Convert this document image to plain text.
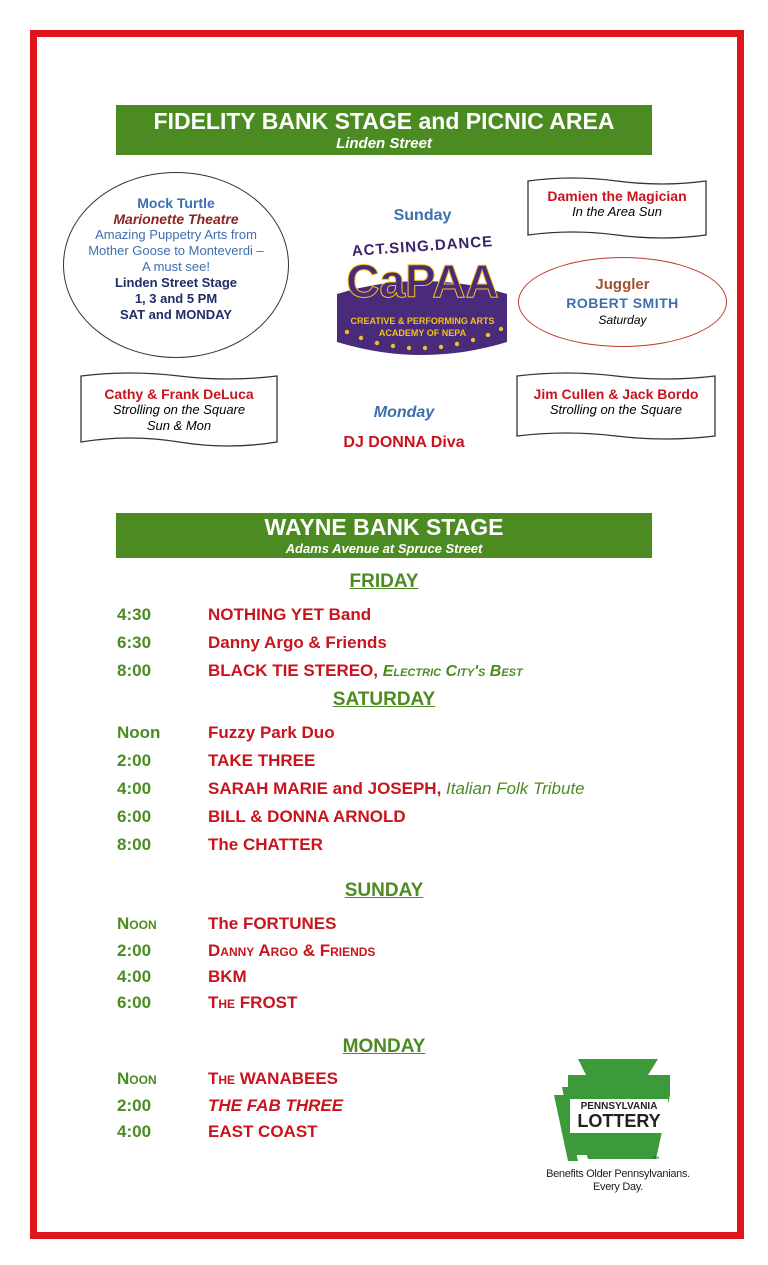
FIDELITY BANK STAGE and PICNIC AREA
Linden Street
Mock Turtle
Marionette Theatre
Amazing Puppetry Arts from Mother Goose to Monteverdi – A must see!
Linden Street Stage
1, 3 and 5 PM
SAT and MONDAY
Sunday
ACT.SING.DANCE
CaPAA
CREATIVE & PERFORMING ARTS
ACADEMY OF NEPA
Damien the Magician
In the Area Sun
Juggler
ROBERT SMITH
Saturday
Cathy & Frank DeLuca
Strolling on the Square
Sun & Mon
Monday
DJ DONNA Diva
Jim Cullen & Jack Bordo
Strolling on the Square
WAYNE BANK STAGE
Adams Avenue at Spruce Street
FRIDAY
4:30	NOTHING YET Band
6:30	Danny Argo & Friends
8:00	BLACK TIE STEREO, Electric City's Best
SATURDAY
Noon	Fuzzy Park Duo
2:00	TAKE THREE
4:00	SARAH MARIE and JOSEPH, Italian Folk Tribute
6:00	BILL & DONNA ARNOLD
8:00	The CHATTER
SUNDAY
Noon	The FORTUNES
2:00	Danny Argo & Friends
4:00	BKM
6:00	The FROST
MONDAY
Noon	The WANABEES
2:00	THE FAB THREE
4:00	EAST COAST
PENNSYLVANIA
LOTTERY
™
Benefits Older Pennsylvanians.
Every Day.
